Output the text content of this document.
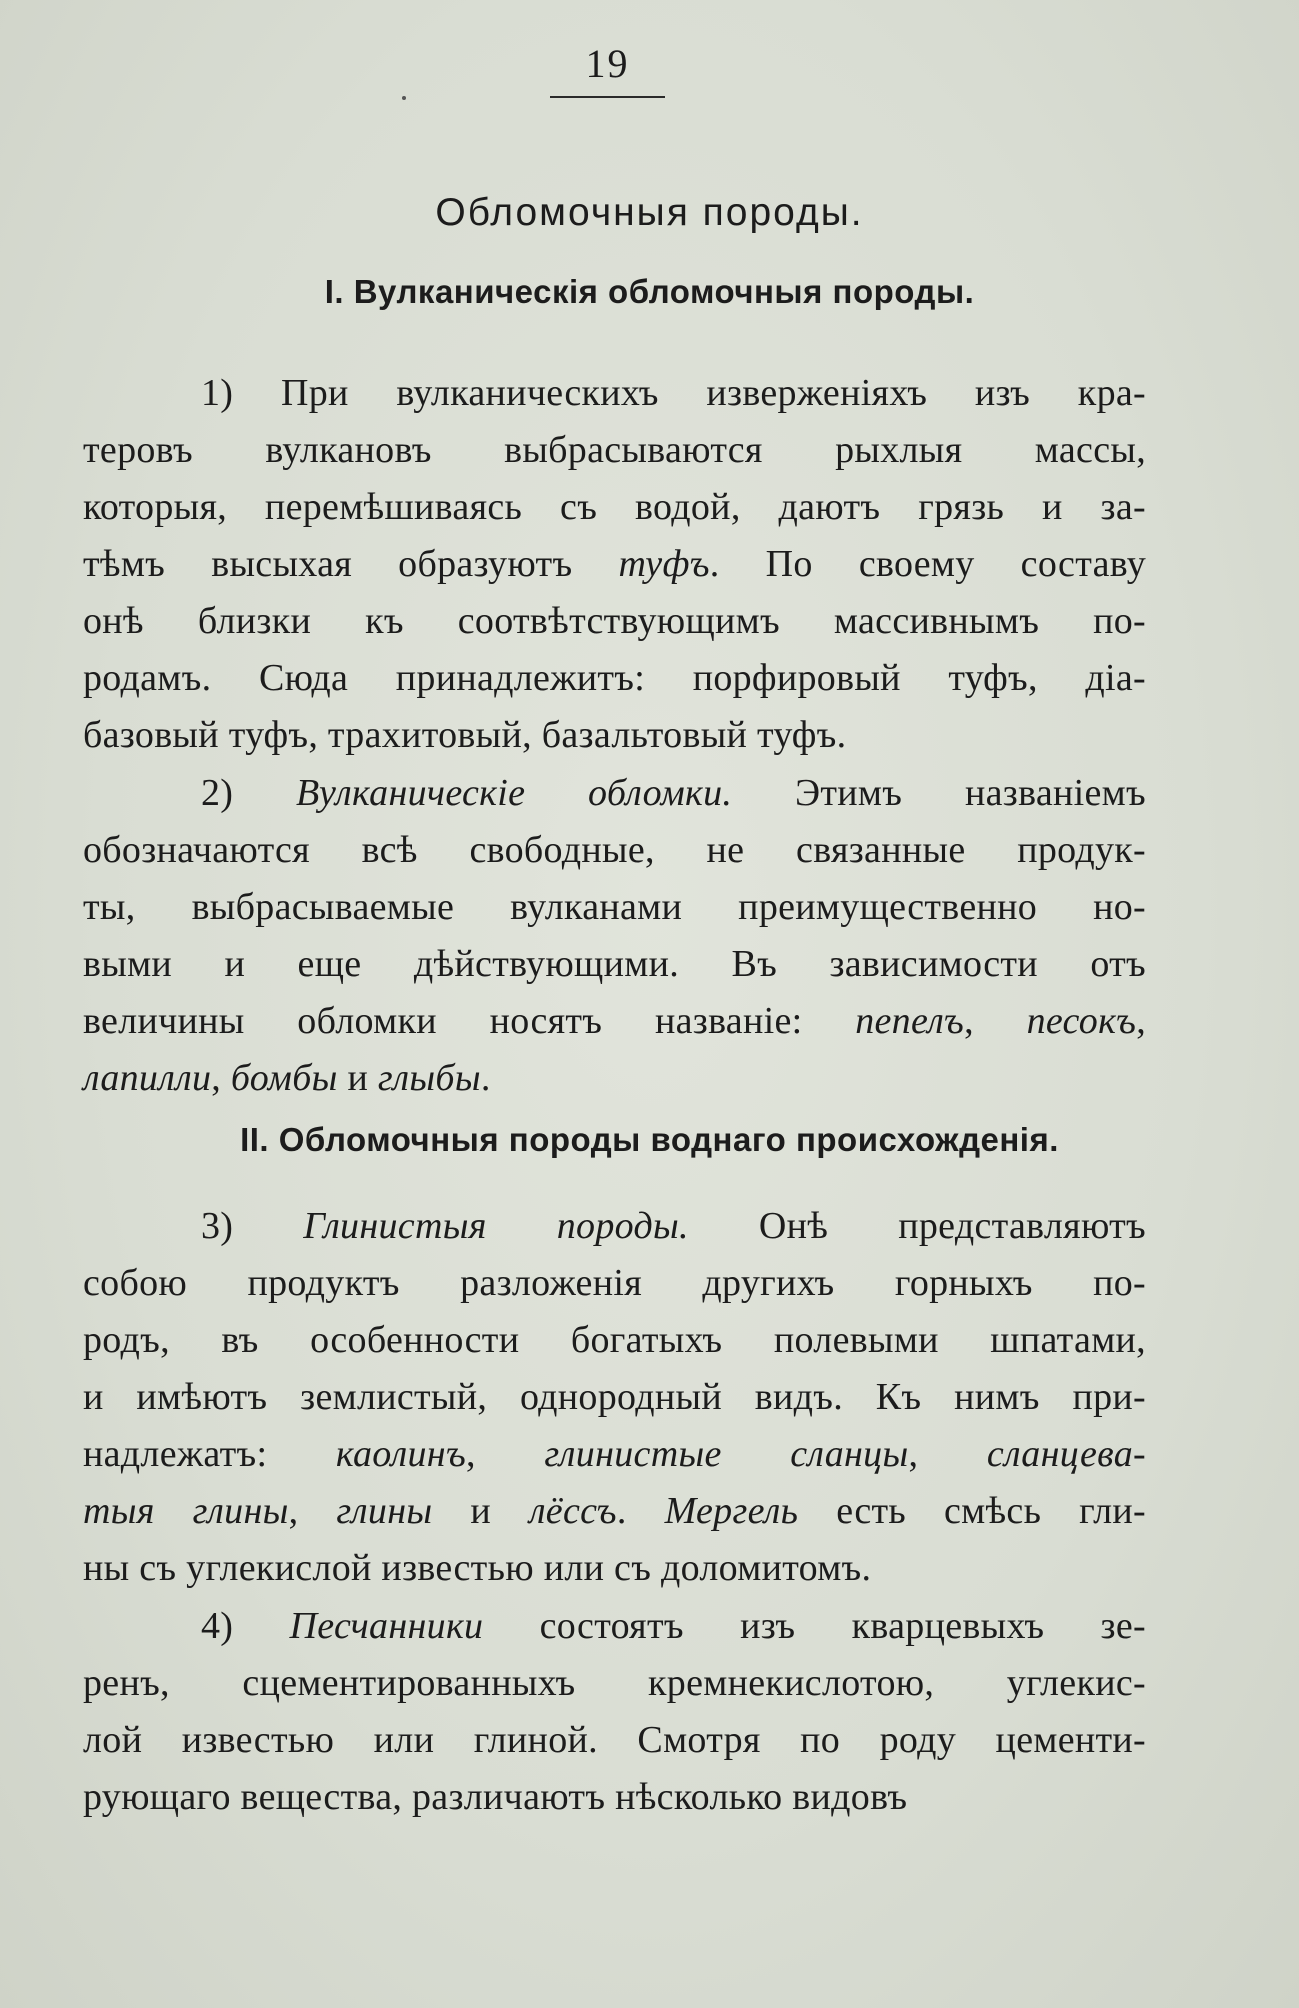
19
Обломочныя породы.
I. Вулканическiя обломочныя породы.

1) При вулканическихъ изверженiяхъ изъ кра-
теровъ вулкановъ выбрасываются рыхлыя массы,
которыя, перемѣшиваясь съ водой, даютъ грязь и за-
тѣмъ высыхая образуютъ туфъ. По своему составу
онѣ близки къ соотвѣтствующимъ массивнымъ по-
родамъ. Сюда принадлежитъ: порфировый туфъ, дiа-
базовый туфъ, трахитовый, базальтовый туфъ.

2) Вулканическiе обломки. Этимъ названiемъ
обозначаются всѣ свободные, не связанные продук-
ты, выбрасываемые вулканами преимущественно но-
выми и еще дѣйствующими. Въ зависимости отъ
величины обломки носятъ названiе: пепелъ, песокъ,
лапилли, бомбы и глыбы.

II. Обломочныя породы воднаго происхожденiя.

3) Глинистыя породы. Онѣ представляютъ
собою продуктъ разложенiя другихъ горныхъ по-
родъ, въ особенности богатыхъ полевыми шпатами,
и имѣютъ землистый, однородный видъ. Къ нимъ при-
надлежатъ: каолинъ, глинистые сланцы, сланцева-
тыя глины, глины и лёссъ. Мергель есть смѣсь гли-
ны съ углекислой известью или съ доломитомъ.

4) Песчанники состоятъ изъ кварцевыхъ зе-
ренъ, сцементированныхъ кремнекислотою, углекис-
лой известью или глиной. Смотря по роду цементи-
рующаго вещества, различаютъ нѣсколько видовъ
